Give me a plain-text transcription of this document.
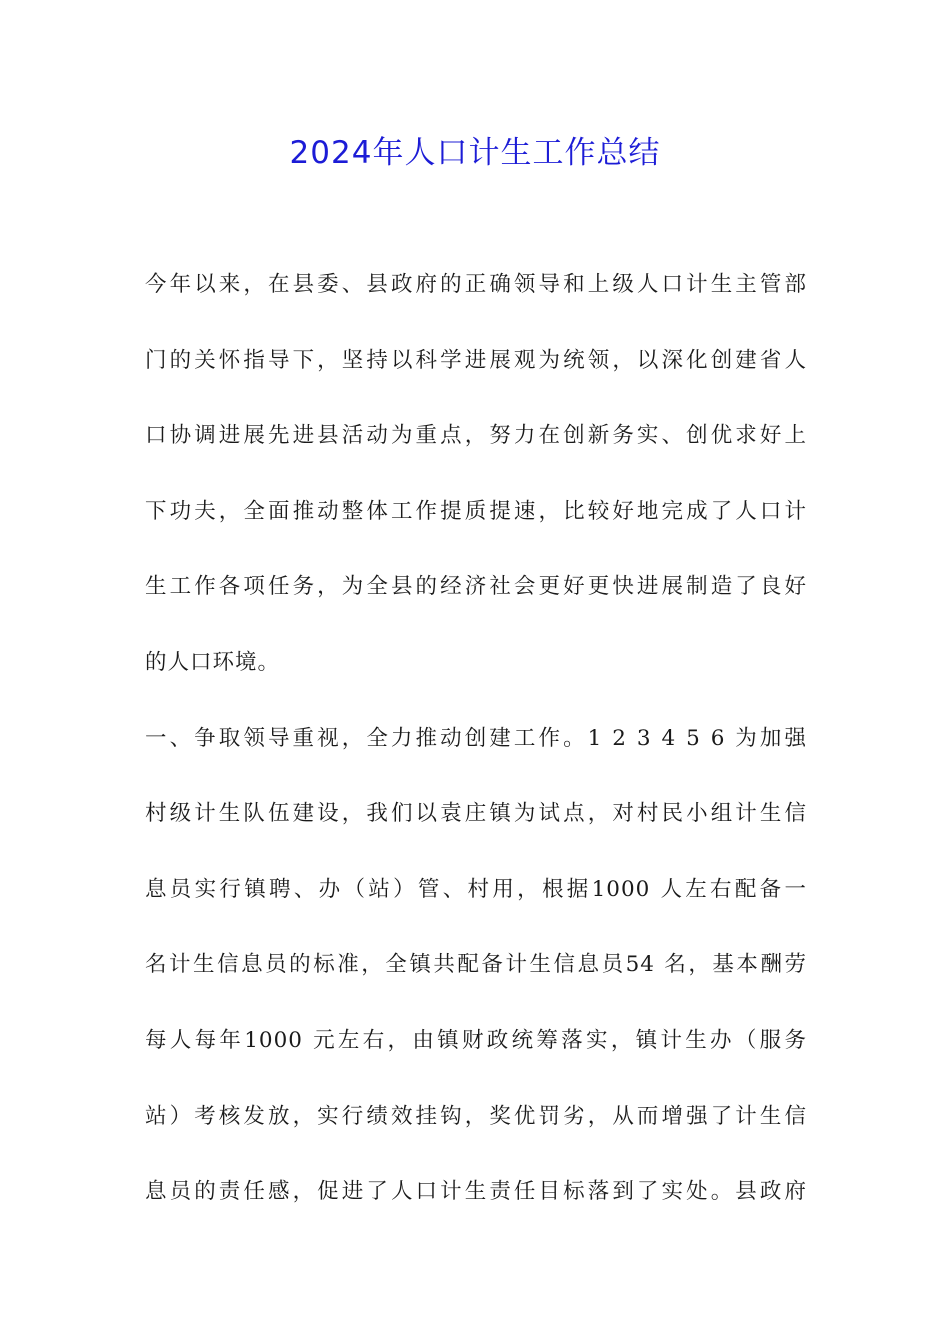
2024年人口计生工作总结
今年以来，在县委、县政府的正确领导和上级人口计生主管部
门的关怀指导下，坚持以科学进展观为统领，以深化创建省人
口协调进展先进县活动为重点，努力在创新务实、创优求好上
下功夫，全面推动整体工作提质提速，比较好地完成了人口计
生工作各项任务，为全县的经济社会更好更快进展制造了良好
的人口环境。
一、争取领导重视，全力推动创建工作。1 2 3 4 5 6 为加强
村级计生队伍建设，我们以袁庄镇为试点，对村民小组计生信
息员实行镇聘、办（站）管、村用，根据1000 人左右配备一
名计生信息员的标准，全镇共配备计生信息员54 名，基本酬劳
每人每年1000 元左右，由镇财政统筹落实，镇计生办（服务
站）考核发放，实行绩效挂钩，奖优罚劣，从而增强了计生信
息员的责任感，促进了人口计生责任目标落到了实处。县政府
